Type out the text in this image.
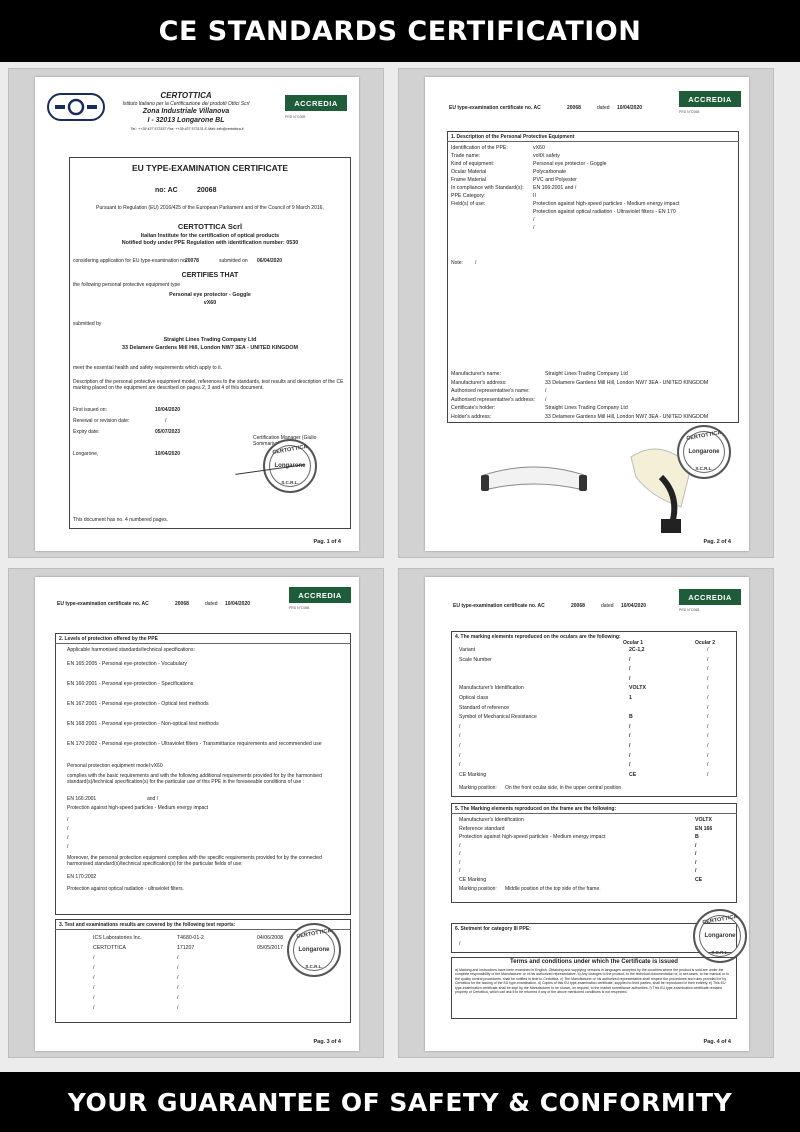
CE STANDARDS CERTIFICATION
CERTOTTICA
Istituto Italiano per la Certificazione dei prodotti Ottici Scrl
Zona Industriale Villanova
I - 32013 Longarone BL
Tel.: ++39 437 573157 Fax: ++39 437 573131 E-Mail: info@certottica.it
ACCREDIA
PRD N°C06B
EU TYPE-EXAMINATION CERTIFICATE
no: AC	20068
Pursuant to Regulation (EU) 2016/425 of the European Parliament and of the Council of 9 March 2016,
CERTOTTICA Scrl
Italian Institute for the certification of optical products
Notified body under PPE Regulation with identification number: 0530
considering application for EU type-examination no.
20078	submitted on 06/04/2020
CERTIFIES THAT
the following personal protective equipment type
Personal eye protector - Goggle
vX60
submitted by
Straight Lines Trading Company Ltd
33 Delamere Gardens Mill Hill, London NW7 3EA - UNITED KINGDOM
meet the essential health and safety requirements which apply to it.
Description of the personal protective equipment model, references to the standards, test results and description of the CE marking placed on the equipment are described on pages 2, 3 and 4 of this document.
First issued on:	10/04/2020
Renewal or revision date:	/
Expiry date:	05/07/2023
Longarone,	10/04/2020
Certification Manager (Giulio Sommariva)
CERTOTTICA
Longarone
S.C.R.L.
This document has no. 4 numbered pages.
Pag. 1 of 4
ACCREDIA
PRD N°C06B
EU type-examination certificate no. AC	20068	dated 10/04/2020
1. Description of the Personal Protective Equipment
Identification of the PPE:	vX60
Trade name:	voltX safety
Kind of equipment:	Personal eye protector - Goggle
Ocular Material	Polycarbonate
Frame Material	PVC and Polyester
In compliance with Standard(s): EN 166:2001 and /
PPE Category:	II
Field(s) of use:	Protection against high-speed particles - Medium energy impact
Protection against optical radiation - Ultraviolet filters - EN 170
/
/
Note: /
Manufacturer's name:	Straight Lines Trading Company Ltd
Manufacturer's address:	33 Delamere Gardens Mill Hill, London NW7 3EA - UNITED KINGDOM
Authorised representative's name:	/
Authorised representative's address: /
Certificate's holder:	Straight Lines Trading Company Ltd
Holder's address:	33 Delamere Gardens Mill Hill, London NW7 3EA - UNITED KINGDOM
CERTOTTICA
Longarone
S.C.R.L.
Pag. 2 of 4
ACCREDIA
PRD N°C06B
EU type-examination certificate no. AC	20068	dated 10/04/2020
2. Levels of protection offered by the PPE
Applicable harmonised standards/technical specifications:
EN 165:2005 - Personal eye-protection - Vocabulary
EN 166:2001 - Personal eye-protection - Specifications
EN 167:2001 - Personal eye-protection - Optical test methods
EN 168:2001 - Personal eye-protection - Non-optical test methods
EN 170:2002 - Personal eye-protection - Ultraviolet filters - Transmittance requirements and recommended use
Personal protection equipment model:vX60
complies with the basic requirements and with the following additional requirements provided for by the harmonised standard(s)/technical specification(s) for the particular use of this PPE in the foreseeable conditions of use :
EN 166:2001	and /
Protection against high-speed particles - Medium energy impact
/
/
/
/
Moreover, the personal protection equipment complies with the specific requirements provided for by the connected harmonised standard(s)/technical specification(s) for the particular fields of use:
EN 170:2002
Protection against optical radiation - ultraviolet filters.
3. Test and examinations results are covered by the following test reports:
ICS Laboratories Inc.	T4680-01-2	04/06/2008
CERTOTTICA	171207	05/05/2017
/	/
/	/
/	/
/	/
/	/
/	/
CERTOTTICA
Longarone
S.C.R.L.
Pag. 3 of 4
ACCREDIA
PRD N°C06B
EU type-examination certificate no. AC	20068	dated 10/04/2020
4. The marking elements reproduced on the oculars are the following:
Ocular 1	Ocular 2
Variant	2C-1,2	/
Scale Number	/	/
/	/
/	/
Manufacturer's Identification	VOLTX	/
Optical class	1	/
Standard of reference	/
Symbol of Mechanical Resistance	B	/
/	/	/
/	/	/
/	/	/
/	/	/
/	/	/
CE Marking	CE	/
Marking position: On the front ocular side, in the upper central position
5. The Marking elements reproduced on the frame are the following:
Manufacturer's Identification	VOLTX
Reference standard	EN 166
Protection against high-speed particles - Medium energy impact	B
/	/
/	/
/	/
/	/
CE Marking	CE
Marking position: Middle position of the top side of the frame.
6. Stetment for category III PPE:
/
CERTOTTICA
Longarone
S.C.R.L.
Terms and conditions under which the Certificate is issued
a) Marking and instructions have been examined in English. Obtaining and supplying versions in languages accepted by the countries where the product is sold are under the complete responsibility of the Manufacturer or of his authorized representative. b) Any changes to the product, to the technical documentation or, in set cases, to the manual or to the quality control procedures, shall be notified in time to Certottica. c) The Manufacturer or his authorized representative shall respect the procedures and rules provided for by Certottica for the issuing of the EU type-examination. d) Copies of this EU type-examination certificate, supplied to third parties, shall be reproduced in their entirety. e) This EU type-examination certificate shall be kept by the Manufacturer to be shown, on request, to the market surveillance authorities. f) This EU type-examination certificate remains property of Certottica, which can ask it to be returned if any of the above mentioned conditions is not respected.
Pag. 4 of 4
YOUR GUARANTEE OF SAFETY & CONFORMITY
